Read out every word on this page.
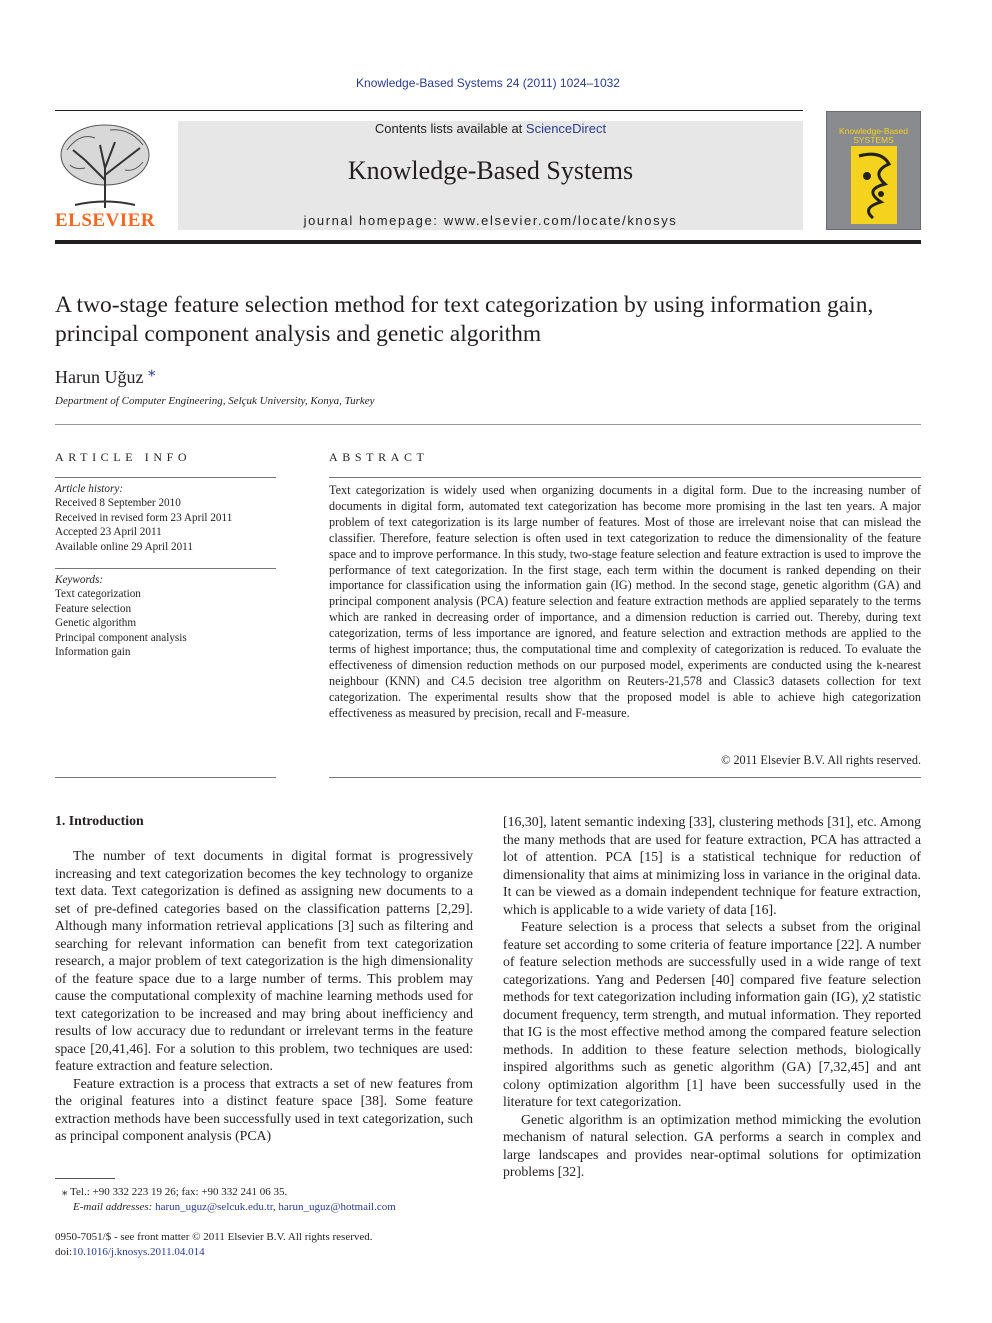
Knowledge-Based Systems 24 (2011) 1024–1032
ELSEVIER
Contents lists available at ScienceDirect
Knowledge-Based Systems
journal homepage: www.elsevier.com/locate/knosys
Knowledge-Based
SYSTEMS
A two-stage feature selection method for text categorization by using information gain, principal component analysis and genetic algorithm
Harun Uğuz ⁎
Department of Computer Engineering, Selçuk University, Konya, Turkey
ARTICLE INFO
Article history:
Received 8 September 2010
Received in revised form 23 April 2011
Accepted 23 April 2011
Available online 29 April 2011
Keywords:
Text categorization
Feature selection
Genetic algorithm
Principal component analysis
Information gain
ABSTRACT
Text categorization is widely used when organizing documents in a digital form. Due to the increasing number of documents in digital form, automated text categorization has become more promising in the last ten years. A major problem of text categorization is its large number of features. Most of those are irrelevant noise that can mislead the classifier. Therefore, feature selection is often used in text categorization to reduce the dimensionality of the feature space and to improve performance. In this study, two-stage feature selection and feature extraction is used to improve the performance of text categorization. In the first stage, each term within the document is ranked depending on their importance for classification using the information gain (IG) method. In the second stage, genetic algorithm (GA) and principal component analysis (PCA) feature selection and feature extraction methods are applied separately to the terms which are ranked in decreasing order of importance, and a dimension reduction is carried out. Thereby, during text categorization, terms of less importance are ignored, and feature selection and extraction methods are applied to the terms of highest importance; thus, the computational time and complexity of categorization is reduced. To evaluate the effectiveness of dimension reduction methods on our purposed model, experiments are conducted using the k-nearest neighbour (KNN) and C4.5 decision tree algorithm on Reuters-21,578 and Classic3 datasets collection for text categorization. The experimental results show that the proposed model is able to achieve high categorization effectiveness as measured by precision, recall and F-measure.
© 2011 Elsevier B.V. All rights reserved.
1. Introduction

The number of text documents in digital format is progressively increasing and text categorization becomes the key technology to organize text data. Text categorization is defined as assigning new documents to a set of pre-defined categories based on the classification patterns [2,29]. Although many information retrieval applications [3] such as filtering and searching for relevant information can benefit from text categorization research, a major problem of text categorization is the high dimensionality of the feature space due to a large number of terms. This problem may cause the computational complexity of machine learning methods used for text categorization to be increased and may bring about inefficiency and results of low accuracy due to redundant or irrelevant terms in the feature space [20,41,46]. For a solution to this problem, two techniques are used: feature extraction and feature selection.

Feature extraction is a process that extracts a set of new features from the original features into a distinct feature space [38]. Some feature extraction methods have been successfully used in text categorization, such as principal component analysis (PCA)

[16,30], latent semantic indexing [33], clustering methods [31], etc. Among the many methods that are used for feature extraction, PCA has attracted a lot of attention. PCA [15] is a statistical technique for reduction of dimensionality that aims at minimizing loss in variance in the original data. It can be viewed as a domain independent technique for feature extraction, which is applicable to a wide variety of data [16].

Feature selection is a process that selects a subset from the original feature set according to some criteria of feature importance [22]. A number of feature selection methods are successfully used in a wide range of text categorizations. Yang and Pedersen [40] compared five feature selection methods for text categorization including information gain (IG), χ2 statistic document frequency, term strength, and mutual information. They reported that IG is the most effective method among the compared feature selection methods. In addition to these feature selection methods, biologically inspired algorithms such as genetic algorithm (GA) [7,32,45] and ant colony optimization algorithm [1] have been successfully used in the literature for text categorization.

Genetic algorithm is an optimization method mimicking the evolution mechanism of natural selection. GA performs a search in complex and large landscapes and provides near-optimal solutions for optimization problems [32].

⁎ Tel.: +90 332 223 19 26; fax: +90 332 241 06 35.
E-mail addresses: harun_uguz@selcuk.edu.tr, harun_uguz@hotmail.com
0950-7051/$ - see front matter © 2011 Elsevier B.V. All rights reserved.
doi:10.1016/j.knosys.2011.04.014
